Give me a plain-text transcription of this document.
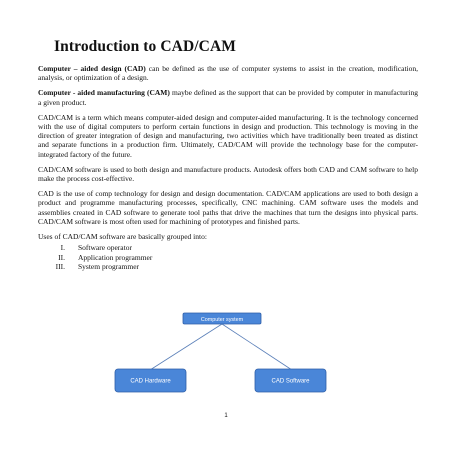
Introduction to CAD/CAM

Computer – aided design (CAD) can be defined as the use of computer systems to assist in the creation, modification, analysis, or optimization of a design.

Computer - aided manufacturing (CAM) maybe defined as the support that can be provided by computer in manufacturing a given product.

CAD/CAM is a term which means computer-aided design and computer-aided manufacturing. It is the technology concerned with the use of digital computers to perform certain functions in design and production. This technology is moving in the direction of greater integration of design and manufacturing, two activities which have traditionally been treated as distinct and separate functions in a production firm. Ultimately, CAD/CAM will provide the technology base for the computer-integrated factory of the future.

CAD/CAM software is used to both design and manufacture products. Autodesk offers both CAD and CAM software to help make the process cost-effective.

CAD is the use of comp technology for design and design documentation. CAD/CAM applications are used to both design a product and programme manufacturing processes, specifically, CNC machining. CAM software uses the models and assemblies created in CAD software to generate tool paths that drive the machines that turn the designs into physical parts. CAD/CAM software is most often used for machining of prototypes and finished parts.

Uses of CAD/CAM software are basically grouped into:

I. Software operator
II. Application programmer
III. System programmer
Computer system
CAD Hardware	CAD Software
1
